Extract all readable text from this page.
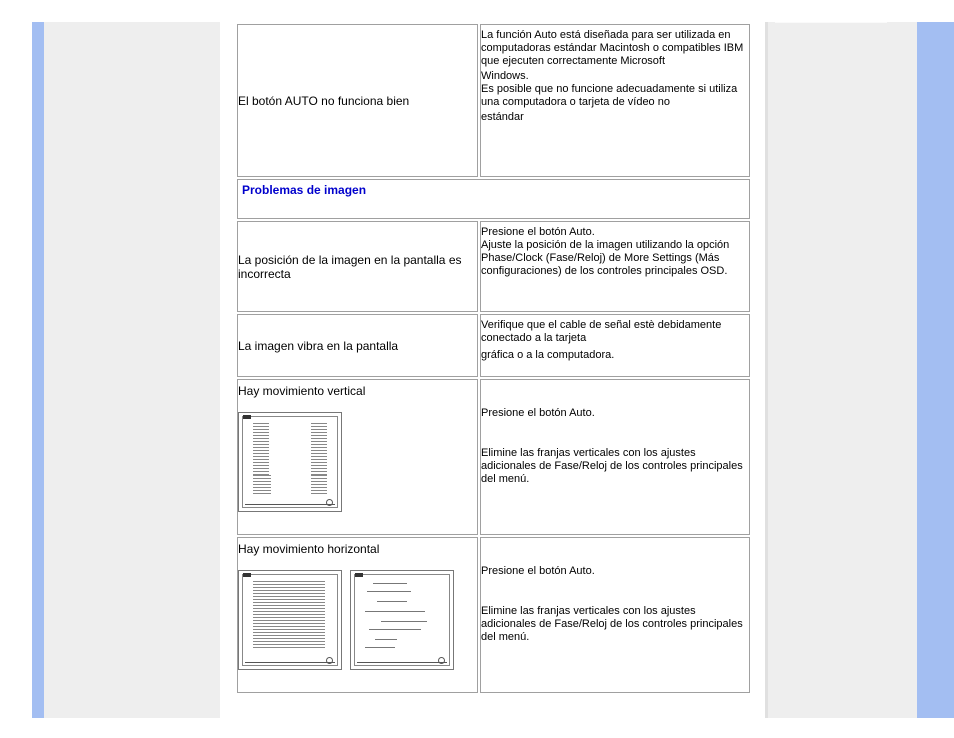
El botón AUTO no funciona bien	La función Auto está diseñada para ser utilizada en computadoras estándar Macintosh o compatibles IBM que ejecuten correctamente Microsoft

Windows.

Es posible que no funcione adecuadamente si utiliza una computadora o tarjeta de vídeo no

estándar

Problemas de imagen	
La posición de la imagen en la pantalla es incorrecta	Presione el botón Auto.

Ajuste la posición de la imagen utilizando la opción Phase/Clock (Fase/Reloj) de More Settings (Más configuraciones) de los controles principales OSD.

La imagen vibra en la pantalla	Verifique que el cable de señal estè debidamente conectado a la tarjeta

gráfica o a la computadora.

Hay movimiento vertical	Presione el botón Auto.
Elimine las franjas verticales con los ajustes adicionales de Fase/Reloj de los controles principales del menú.

Hay movimiento horizontal	Presione el botón Auto.
Elimine las franjas verticales con los ajustes adicionales de Fase/Reloj de los controles principales del menú.
